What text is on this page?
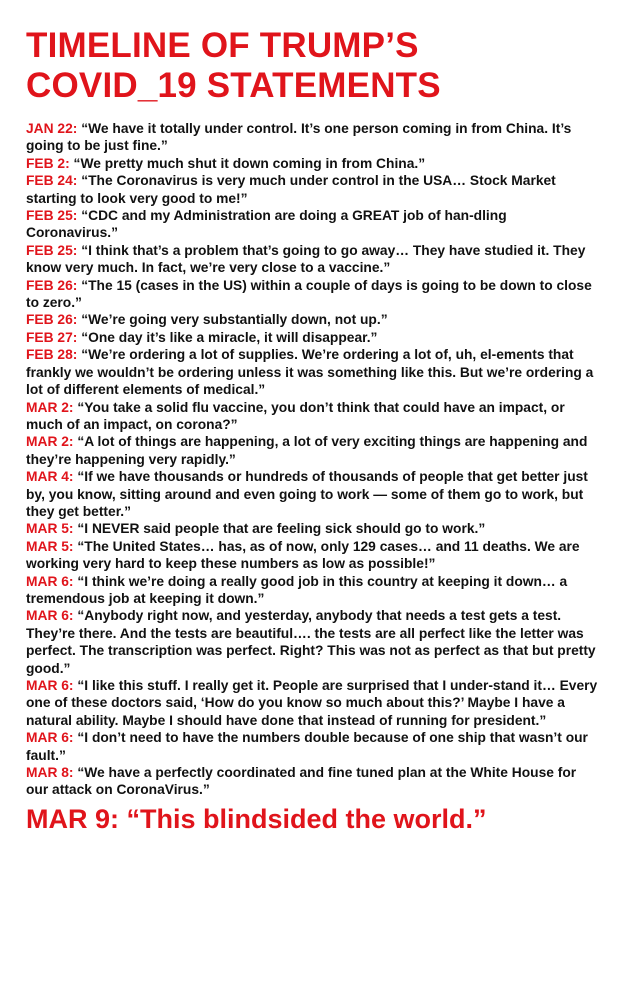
TIMELINE OF TRUMP’S
COVID_19 STATEMENTS
JAN 22: “We have it totally under control. It’s one person coming in from China. It’s going to be just fine.”
FEB 2: “We pretty much shut it down coming in from China.”
FEB 24: “The Coronavirus is very much under control in the USA… Stock Market starting to look very good to me!”
FEB 25: “CDC and my Administration are doing a GREAT job of han-dling Coronavirus.”
FEB 25: “I think that’s a problem that’s going to go away… They have studied it. They know very much. In fact, we’re very close to a vaccine.”
FEB 26: “The 15 (cases in the US) within a couple of days is going to be down to close to zero.”
FEB 26: “We’re going very substantially down, not up.”
FEB 27: “One day it’s like a miracle, it will disappear.”
FEB 28: “We’re ordering a lot of supplies. We’re ordering a lot of, uh, el-ements that frankly we wouldn’t be ordering unless it was something like this. But we’re ordering a lot of different elements of medical.”
MAR 2: “You take a solid flu vaccine, you don’t think that could have an impact, or much of an impact, on corona?”
MAR 2: “A lot of things are happening, a lot of very exciting things are happening and they’re happening very rapidly.”
MAR 4: “If we have thousands or hundreds of thousands of people that get better just by, you know, sitting around and even going to work — some of them go to work, but they get better.”
MAR 5: “I NEVER said people that are feeling sick should go to work.”
MAR 5: “The United States… has, as of now, only 129 cases… and 11 deaths. We are working very hard to keep these numbers as low as possible!”
MAR 6: “I think we’re doing a really good job in this country at keeping it down… a tremendous job at keeping it down.”
MAR 6: “Anybody right now, and yesterday, anybody that needs a test gets a test. They’re there. And the tests are beautiful…. the tests are all perfect like the letter was perfect. The transcription was perfect. Right? This was not as perfect as that but pretty good.”
MAR 6: “I like this stuff. I really get it. People are surprised that I under-stand it… Every one of these doctors said, ‘How do you know so much about this?’ Maybe I have a natural ability. Maybe I should have done that instead of running for president.”
MAR 6: “I don’t need to have the numbers double because of one ship that wasn’t our fault.”
MAR 8: “We have a perfectly coordinated and fine tuned plan at the White House for our attack on CoronaVirus.”
MAR 9: “This blindsided the world.”
